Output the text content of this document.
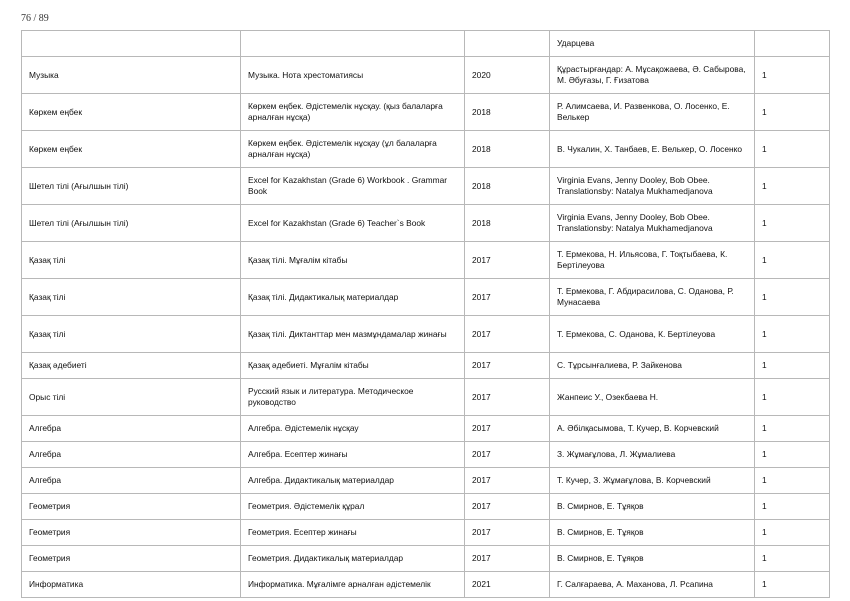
76 / 89
			Ударцева	
Музыка	Музыка. Нота хрестоматиясы	2020	Құрастырғандар: А. Мұсақожаева, Ә. Сабырова, М. Әбуғазы, Г. Ғизатова	1
Көркем еңбек	Көркем еңбек. Әдістемелік нұсқау. (қыз балаларға арналған нұсқа)	2018	Р. Алимсаева, И. Развенкова, О. Лосенко, Е. Велькер	1
Көркем еңбек	Көркем еңбек. Әдістемелік нұсқау (ұл балаларға арналған нұсқа)	2018	В. Чукалин, Х. Танбаев, Е. Велькер, О. Лосенко	1
Шетел тілі (Ағылшын тілі)	Excel for Kazakhstan (Grade 6) Workbook . Grammar Book	2018	Virginia Evans, Jenny Dooley, Bob Obee. Translationsby: Natalya Mukhamedjanova	1
Шетел тілі (Ағылшын тілі)	Excel for Kazakhstan (Grade 6) Teacher`s Book	2018	Virginia Evans, Jenny Dooley, Bob Obee. Translationsby: Natalya Mukhamedjanova	1
Қазақ тілі	Қазақ тілі. Мұғалім кітабы	2017	Т. Ермекова, Н. Ильясова, Г. Тоқтыбаева, К. Бертілеуова	1
Қазақ тілі	Қазақ тілі. Дидактикалық материалдар	2017	Т. Ермекова, Г. Абдирасилова, С. Оданова, Р. Мунасаева	1
Қазақ тілі	Қазақ тілі. Диктанттар мен мазмұндамалар жинағы	2017	Т. Ермекова, С. Оданова, К. Бертілеуова	1
Қазақ әдебиеті	Қазақ әдебиеті. Мұғалім кітабы	2017	С. Тұрсынғалиева, Р. Зайкенова	1
Орыс тілі	Русский язык и литература. Методическое руководство	2017	Жанпеис У., Озекбаева Н.	1
Алгебра	Алгебра. Әдістемелік нұсқау	2017	А. Әбілқасымова, Т. Кучер, В. Корчевский	1
Алгебра	Алгебра. Есептер жинағы	2017	З. Жұмағұлова, Л. Жұмалиева	1
Алгебра	Алгебра. Дидактикалық материалдар	2017	Т. Кучер, З. Жұмағұлова, В. Корчевский	1
Геометрия	Геометрия. Әдістемелік құрал	2017	В. Смирнов, Е. Тұяқов	1
Геометрия	Геометрия. Есептер жинағы	2017	В. Смирнов, Е. Тұяқов	1
Геометрия	Геометрия. Дидактикалық материалдар	2017	В. Смирнов, Е. Тұяқов	1
Информатика	Информатика. Мұғалімге арналған әдістемелік	2021	Г. Салғараева, А. Маханова, Л. Рсапина	1
